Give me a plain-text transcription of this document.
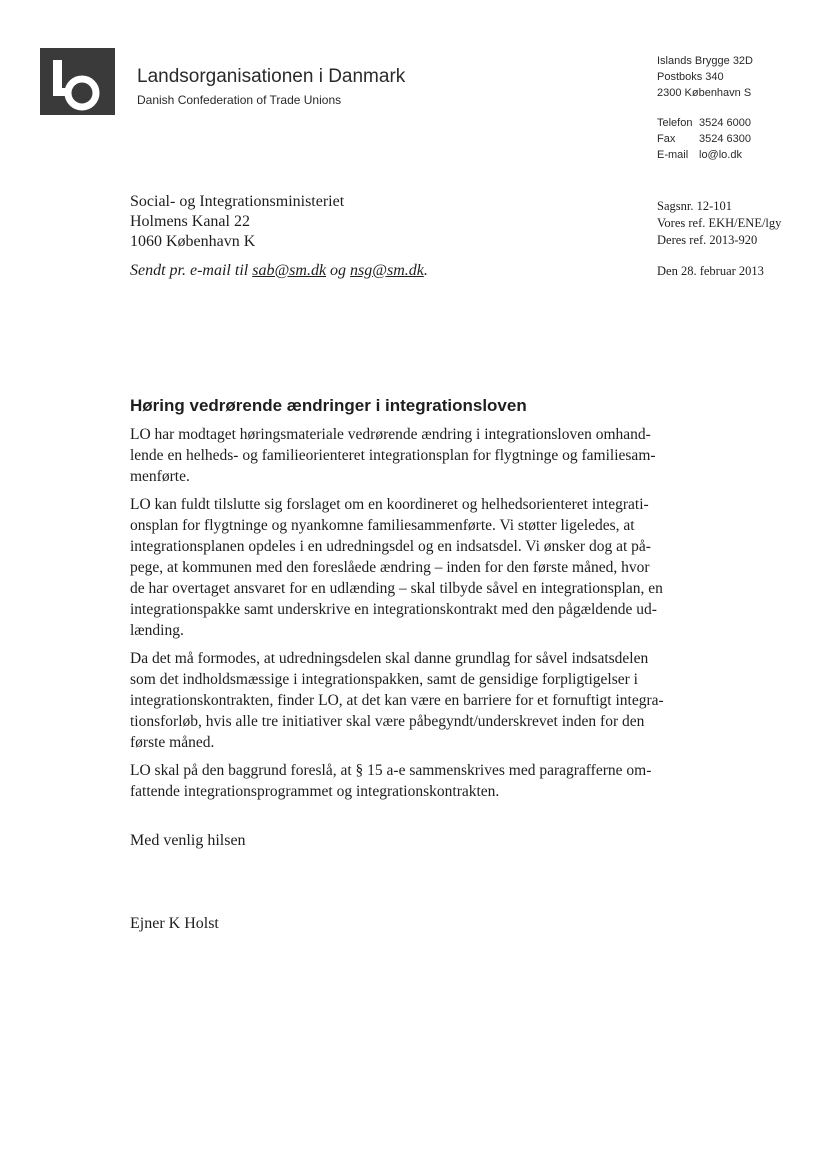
Landsorganisationen i Danmark
Danish Confederation of Trade Unions
Islands Brygge 32D
Postboks 340
2300 København S
Telefon 3524 6000
Fax	3524 6300
E-mail lo@lo.dk
Social- og Integrationsministeriet
Holmens Kanal 22
1060 København K
Sagsnr. 12-101
Vores ref. EKH/ENE/lgy
Deres ref. 2013-920
Sendt pr. e-mail til sab@sm.dk og nsg@sm.dk.	Den 28. februar 2013
Høring vedrørende ændringer i integrationsloven

LO har modtaget høringsmateriale vedrørende ændring i integrationsloven omhand-
lende en helheds- og familieorienteret integrationsplan for flygtninge og familiesam-
menførte.

LO kan fuldt tilslutte sig forslaget om en koordineret og helhedsorienteret integrati-
onsplan for flygtninge og nyankomne familiesammenførte. Vi støtter ligeledes, at
integrationsplanen opdeles i en udredningsdel og en indsatsdel. Vi ønsker dog at på-
pege, at kommunen med den foreslåede ændring – inden for den første måned, hvor
de har overtaget ansvaret for en udlænding – skal tilbyde såvel en integrationsplan, en
integrationspakke samt underskrive en integrationskontrakt med den pågældende ud-
lænding.

Da det må formodes, at udredningsdelen skal danne grundlag for såvel indsatsdelen
som det indholdsmæssige i integrationspakken, samt de gensidige forpligtigelser i
integrationskontrakten, finder LO, at det kan være en barriere for et fornuftigt integra-
tionsforløb, hvis alle tre initiativer skal være påbegyndt/underskrevet inden for den
første måned.

LO skal på den baggrund foreslå, at § 15 a-e sammenskrives med paragrafferne om-
fattende integrationsprogrammet og integrationskontrakten.

Med venlig hilsen
Ejner K Holst
